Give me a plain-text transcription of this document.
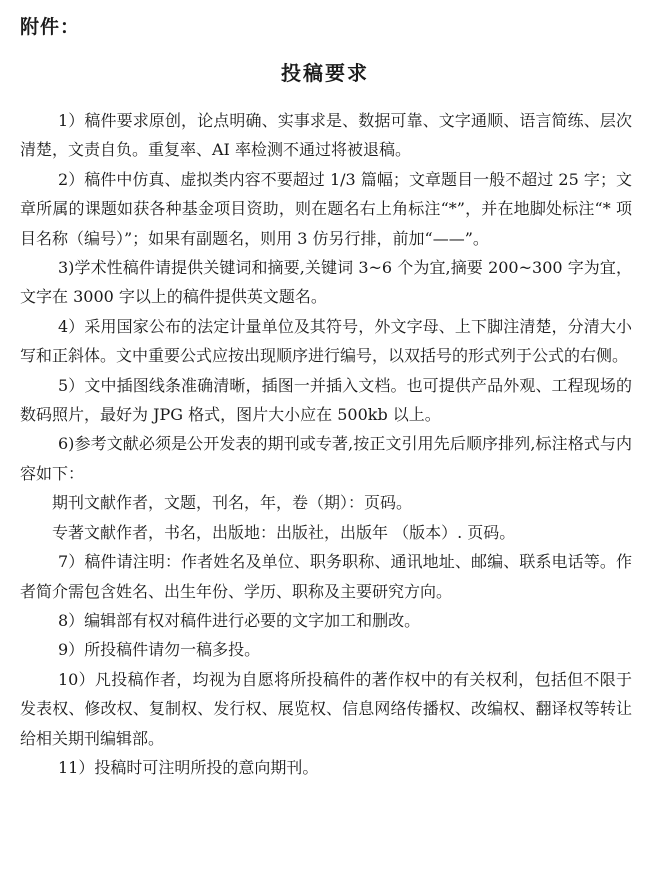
附件：
投稿要求

1）稿件要求原创，论点明确、实事求是、数据可靠、文字通顺、语言简练、层次清楚，文责自负。重复率、AI 率检测不通过将被退稿。

2）稿件中仿真、虚拟类内容不要超过 1/3 篇幅；文章题目一般不超过 25 字；文章所属的课题如获各种基金项目资助，则在题名右上角标注“*”，并在地脚处标注“* 项目名称（编号）”；如果有副题名，则用 3 仿另行排，前加“——”。

3)学术性稿件请提供关键词和摘要,关键词 3~6 个为宜,摘要 200~300 字为宜，文字在 3000 字以上的稿件提供英文题名。

4）采用国家公布的法定计量单位及其符号，外文字母、上下脚注清楚，分清大小写和正斜体。文中重要公式应按出现顺序进行编号，以双括号的形式列于公式的右侧。

5）文中插图线条准确清晰，插图一并插入文档。也可提供产品外观、工程现场的数码照片，最好为 JPG 格式，图片大小应在 500kb 以上。

6)参考文献必须是公开发表的期刊或专著,按正文引用先后顺序排列,标注格式与内容如下：

期刊文献作者，文题，刊名，年，卷（期）：页码。

专著文献作者，书名，出版地：出版社，出版年 （版本）. 页码。

7）稿件请注明：作者姓名及单位、职务职称、通讯地址、邮编、联系电话等。作者简介需包含姓名、出生年份、学历、职称及主要研究方向。

8）编辑部有权对稿件进行必要的文字加工和删改。

9）所投稿件请勿一稿多投。

10）凡投稿作者，均视为自愿将所投稿件的著作权中的有关权利，包括但不限于发表权、修改权、复制权、发行权、展览权、信息网络传播权、改编权、翻译权等转让给相关期刊编辑部。

11）投稿时可注明所投的意向期刊。
